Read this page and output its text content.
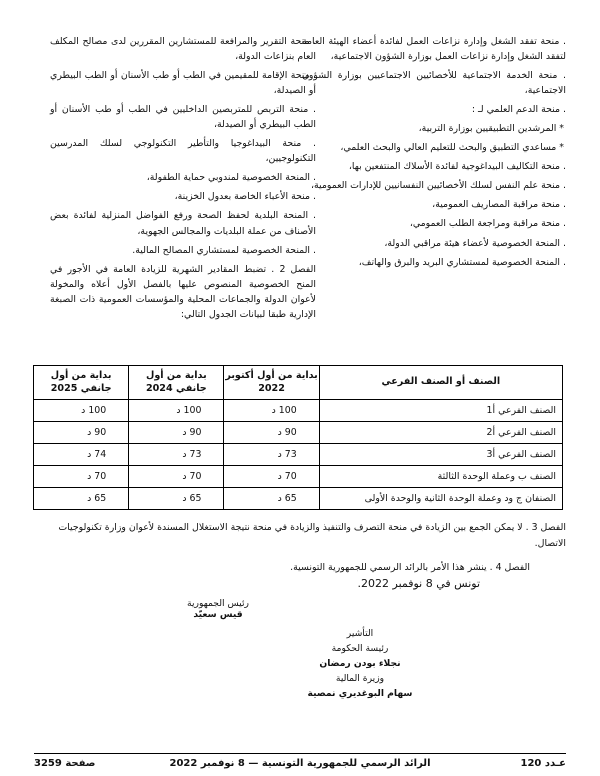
. منحة تفقد الشغل وإدارة نزاعات العمل لفائدة أعضاء الهيئة العامة لتفقد الشغل وإدارة نزاعات العمل بوزارة الشؤون الاجتماعية،

. منحة الخدمة الاجتماعية للأخصائيين الاجتماعيين بوزارة الشؤون الاجتماعية،

. منحة الدعم العلمي لـ :

* المرشدين التطبيقيين بوزارة التربية،

* مساعدي التطبيق والبحث للتعليم العالي والبحث العلمي،

. منحة التكاليف البيداغوجية لفائدة الأسلاك المنتفعين بها،

. منحة علم النفس لسلك الأخصائيين النفسانيين للإدارات العمومية،

. منحة مراقبة المصاريف العمومية،

. منحة مراقبة ومراجعة الطلب العمومي،

. المنحة الخصوصية لأعضاء هيئة مراقبي الدولة،

. المنحة الخصوصية لمستشاري البريد والبرق والهاتف،

. منحة التقرير والمرافعة للمستشارين المقررين لدى مصالح المكلف العام بنزاعات الدولة،

. منحة الإقامة للمقيمين في الطب أو طب الأسنان أو الطب البيطري أو الصيدلة،

. منحة التربص للمتربصين الداخليين في الطب أو طب الأسنان أو الطب البيطري أو الصيدلة،

. منحة البيداغوجيا والتأطير التكنولوجي لسلك المدرسين التكنولوجيين،

. المنحة الخصوصية لمندوبي حماية الطفولة،

. منحة الأعباء الخاصة بعدول الخزينة،

. المنحة البلدية لحفظ الصحة ورفع الفواضل المنزلية لفائدة بعض الأصناف من عملة البلديات والمجالس الجهوية،

. المنحة الخصوصية لمستشاري المصالح المالية.

الفصل 2 . تضبط المقادير الشهرية للزيادة العامة في الأجور في المنح الخصوصية المنصوص عليها بالفصل الأول أعلاه والمخولة لأعوان الدولة والجماعات المحلية والمؤسسات العمومية ذات الصبغة الإدارية طبقا لبيانات الجدول التالي:

الصنف أو الصنف الفرعي	بداية من أول أكتوبر 2022	بداية من أول جانفي 2024	بداية من أول جانفي 2025
الصنف الفرعي أ1	100 د	100 د	100 د
الصنف الفرعي أ2	90 د	90 د	90 د
الصنف الفرعي أ3	73 د	73 د	74 د
الصنف ب وعملة الوحدة الثالثة	70 د	70 د	70 د
الصنفان ج ود وعملة الوحدة الثانية والوحدة الأولى	65 د	65 د	65 د

الفصل 3 . لا يمكن الجمع بين الزيادة في منحة التصرف والتنفيذ والزيادة في منحة نتيجة الاستغلال المسندة لأعوان وزارة تكنولوجيات الاتصال.

الفصل 4 . ينشر هذا الأمر بالرائد الرسمي للجمهورية التونسية.

تونس في 8 نوفمبر 2022.

رئيس الجمهورية
قيس سعيّد
التأشير
رئيسة الحكومة
نجلاء بودن رمضان
وزيرة المالية
سهام البوغديري نمصية
عـدد 120
الرائد الرسمي للجمهورية التونسية — 8 نوفمبر 2022
صفحة 3259
